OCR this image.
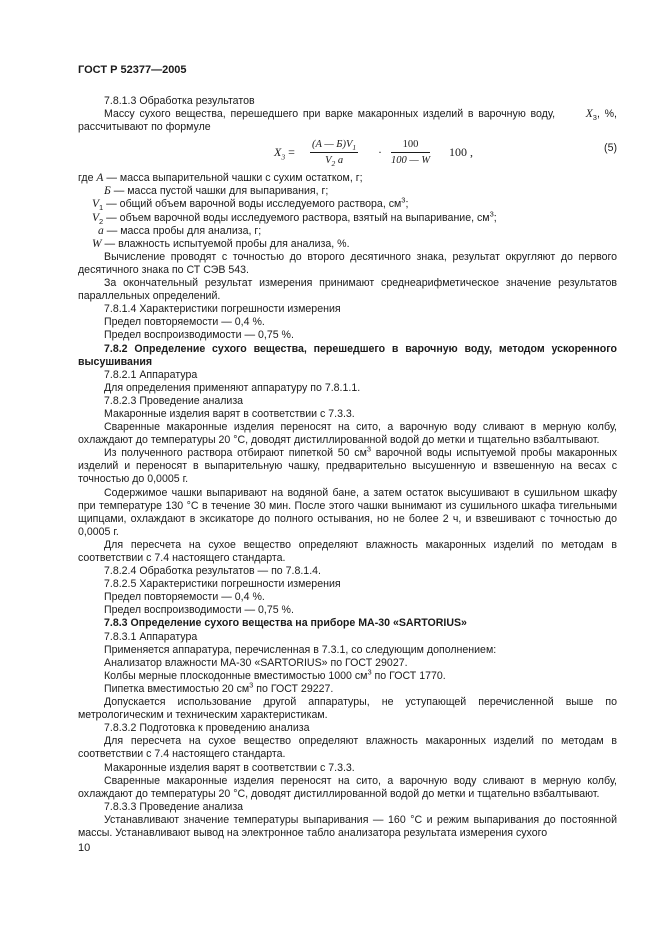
ГОСТ Р 52377—2005

7.8.1.3 Обработка результатов

Массу сухого вещества, перешедшего при варке макаронных изделий в варочную воду,	$X_3$, %, рассчитывают по формуле

$X_3$ =
(A — $Б)V_1$
$V_2$ a
· $\frac{100}{100 — W} 100$ ,	(5)

где A — масса выпарительной чашки с сухим остатком, г;

Б — масса пустой чашки для выпаривания, г;

$V_1$ — общий объем варочной воды исследуемого раствора, $см^3$;

$V_2$ — объем варочной воды исследуемого раствора, взятый на выпаривание, $см^3$;

a — масса пробы для анализа, г;

W — влажность испытуемой пробы для анализа, %.

Вычисление проводят с точностью до второго десятичного знака, результат округляют до первого десятичного знака по СТ СЭВ 543.

За окончательный результат измерения принимают среднеарифметическое значение результатов параллельных определений.

7.8.1.4 Характеристики погрешности измерения

Предел повторяемости — 0,4 %.

Предел воспроизводимости — 0,75 %.

7.8.2 Определение сухого вещества, перешедшего в варочную воду, методом ускоренного высушивания

7.8.2.1 Аппаратура

Для определения применяют аппаратуру по 7.8.1.1.

7.8.2.3 Проведение анализа

Макаронные изделия варят в соответствии с 7.3.3.

Сваренные макаронные изделия переносят на сито, а варочную воду сливают в мерную колбу, охлаждают до температуры 20 °С, доводят дистиллированной водой до метки и тщательно взбалтывают.

Из полученного раствора отбирают пипеткой 50 $см^3$ варочной воды испытуемой пробы макаронных изделий и переносят в выпарительную чашку, предварительно высушенную и взвешенную на весах с точностью до 0,0005 г.

Содержимое чашки выпаривают на водяной бане, а затем остаток высушивают в сушильном шкафу при температуре 130 °С в течение 30 мин. После этого чашки вынимают из сушильного шкафа тигельными щипцами, охлаждают в эксикаторе до полного остывания, но не более 2 ч, и взвешивают с точностью до 0,0005 г.

Для пересчета на сухое вещество определяют влажность макаронных изделий по методам в соответствии с 7.4 настоящего стандарта.

7.8.2.4 Обработка результатов — по 7.8.1.4.

7.8.2.5 Характеристики погрешности измерения

Предел повторяемости — 0,4 %.

Предел воспроизводимости — 0,75 %.

7.8.3 Определение сухого вещества на приборе МА-30 «SARTORIUS»

7.8.3.1 Аппаратура

Применяется аппаратура, перечисленная в 7.3.1, со следующим дополнением:

Анализатор влажности МА-30 «SARTORIUS» по ГОСТ 29027.

Колбы мерные плоскодонные вместимостью 1000 $см^3$ по ГОСТ 1770.

Пипетка вместимостью 20 $см^3$ по ГОСТ 29227.

Допускается использование другой аппаратуры, не уступающей перечисленной выше по метрологическим и техническим характеристикам.

7.8.3.2 Подготовка к проведению анализа

Для пересчета на сухое вещество определяют влажность макаронных изделий по методам в соответствии с 7.4 настоящего стандарта.

Макаронные изделия варят в соответствии с 7.3.3.

Сваренные макаронные изделия переносят на сито, а варочную воду сливают в мерную колбу, охлаждают до температуры 20 °С, доводят дистиллированной водой до метки и тщательно взбалтывают.

7.8.3.3 Проведение анализа

Устанавливают значение температуры выпаривания — 160 °С и режим выпаривания до постоянной массы. Устанавливают вывод на электронное табло анализатора результата измерения сухого

10
